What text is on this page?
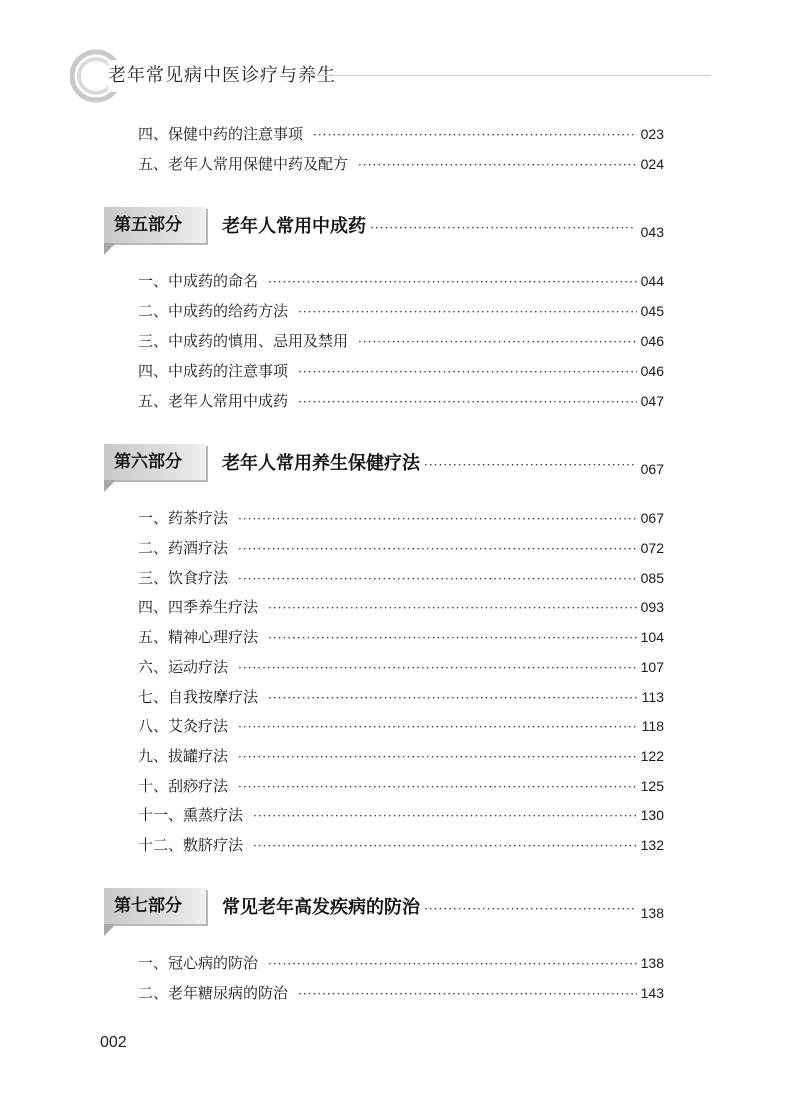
老年常见病中医诊疗与养生
四、保健中药的注意事项 ·····	023
五、老年人常用保健中药及配方 ·····	024
第五部分 老年人常用中成药 ·····	043
一、中成药的命名 ·····	044
二、中成药的给药方法 ·····	045
三、中成药的慎用、忌用及禁用 ·····	046
四、中成药的注意事项 ·····	046
五、老年人常用中成药 ·····	047
第六部分 老年人常用养生保健疗法 ·····	067
一、药茶疗法 ·····	067
二、药酒疗法 ·····	072
三、饮食疗法 ·····	085
四、四季养生疗法 ·····	093
五、精神心理疗法 ·····	104
六、运动疗法 ·····	107
七、自我按摩疗法 ·····	113
八、艾灸疗法 ·····	118
九、拔罐疗法 ·····	122
十、刮痧疗法 ·····	125
十一、熏蒸疗法 ·····	130
十二、敷脐疗法 ·····	132
第七部分 常见老年高发疾病的防治 ·····	138
一、冠心病的防治 ·····	138
二、老年糖尿病的防治 ·····	143
002
